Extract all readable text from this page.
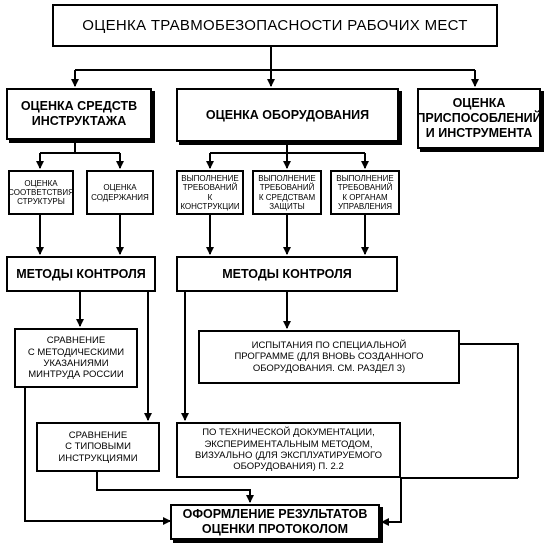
ОЦЕНКА ТРАВМОБЕЗОПАСНОСТИ РАБОЧИХ МЕСТ
ОЦЕНКА СРЕДСТВ
ИНСТРУКТАЖА	ОЦЕНКА ОБОРУДОВАНИЯ
ОЦЕНКА
ПРИСПОСОБЛЕНИЙ
И ИНСТРУМЕНТА
ОЦЕНКА
СООТВЕТСТВИЯ
СТРУКТУРЫ
ОЦЕНКА
СОДЕРЖАНИЯ
ВЫПОЛНЕНИЕ
ТРЕБОВАНИЙ
К КОНСТРУКЦИИ
ВЫПОЛНЕНИЕ
ТРЕБОВАНИЙ
К СРЕДСТВАМ
ЗАЩИТЫ
ВЫПОЛНЕНИЕ
ТРЕБОВАНИЙ
К ОРГАНАМ
УПРАВЛЕНИЯ
МЕТОДЫ КОНТРОЛЯ	МЕТОДЫ КОНТРОЛЯ
СРАВНЕНИЕ
С МЕТОДИЧЕСКИМИ
УКАЗАНИЯМИ
МИНТРУДА РОССИИ
СРАВНЕНИЕ
С ТИПОВЫМИ
ИНСТРУКЦИЯМИ
ИСПЫТАНИЯ ПО СПЕЦИАЛЬНОЙ
ПРОГРАММЕ (ДЛЯ ВНОВЬ СОЗДАННОГО
ОБОРУДОВАНИЯ. СМ. РАЗДЕЛ 3)
ПО ТЕХНИЧЕСКОЙ ДОКУМЕНТАЦИИ,
ЭКСПЕРИМЕНТАЛЬНЫМ МЕТОДОМ,
ВИЗУАЛЬНО (ДЛЯ ЭКСПЛУАТИРУЕМОГО
ОБОРУДОВАНИЯ) П. 2.2
ОФОРМЛЕНИЕ РЕЗУЛЬТАТОВ
ОЦЕНКИ ПРОТОКОЛОМ
